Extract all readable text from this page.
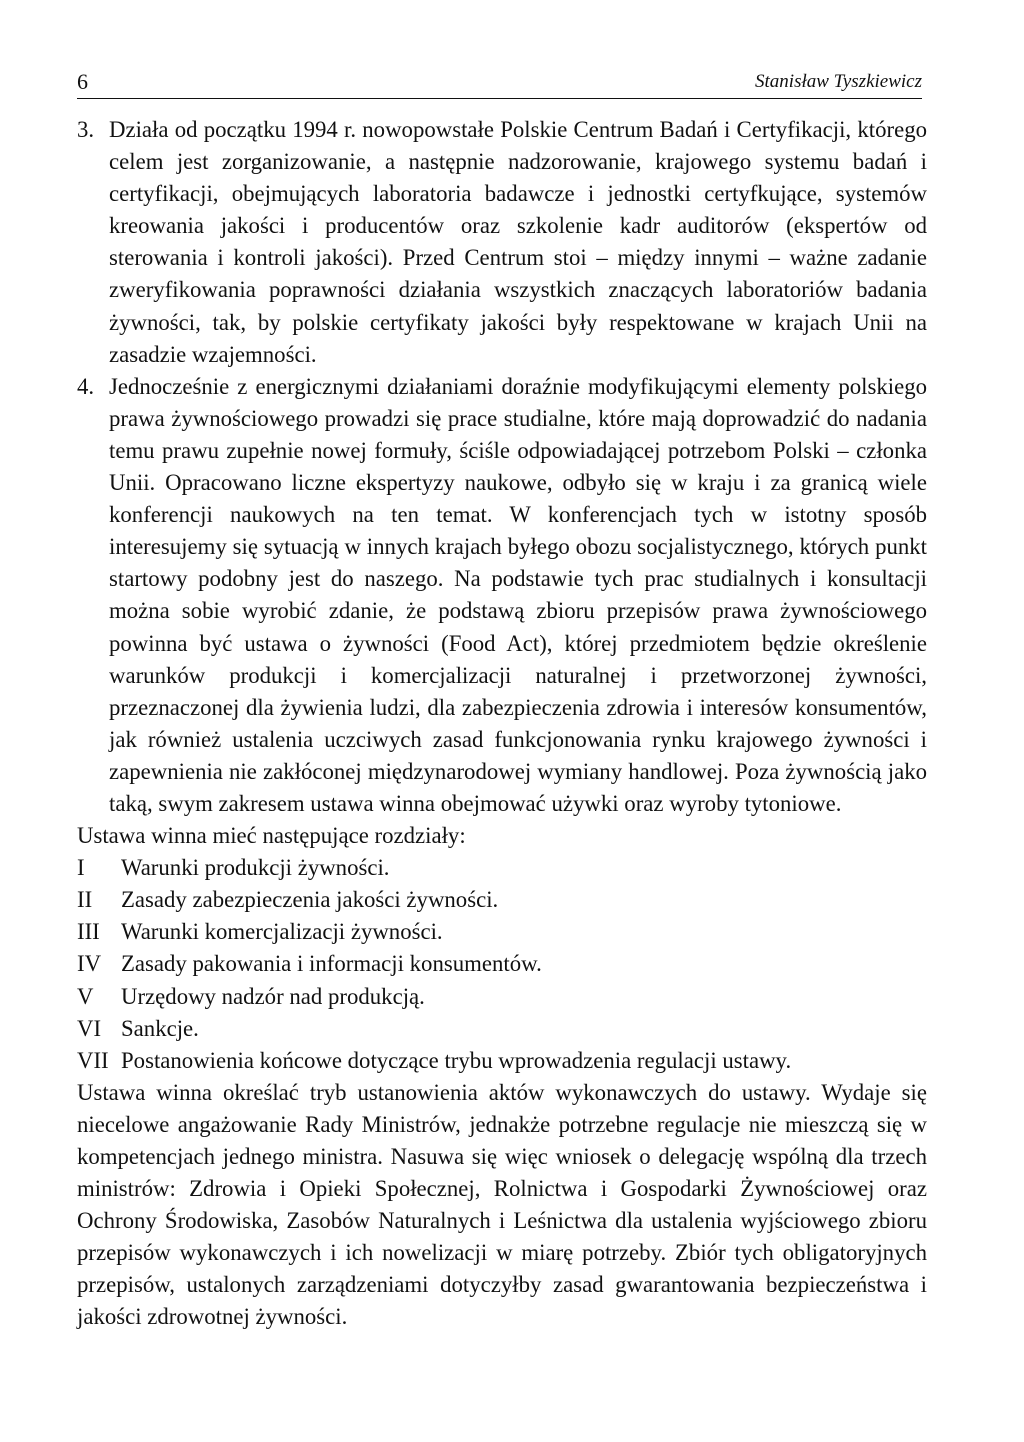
6	Stanisław Tyszkiewicz

3. Działa od początku 1994 r. nowopowstałe Polskie Centrum Badań i Certyfikacji, którego celem jest zorganizowanie, a następnie nadzorowanie, krajowego systemu badań i certyfikacji, obejmujących laboratoria badawcze i jednostki certyfkujące, systemów kreowania jakości i producentów oraz szkolenie kadr auditorów (ekspertów od sterowania i kontroli jakości). Przed Centrum stoi – między innymi – ważne zadanie zweryfikowania poprawności działania wszystkich znaczących laboratoriów badania żywności, tak, by polskie certyfikaty jakości były respektowane w krajach Unii na zasadzie wzajemności.

4. Jednocześnie z energicznymi działaniami doraźnie modyfikującymi elementy polskiego prawa żywnościowego prowadzi się prace studialne, które mają doprowadzić do nadania temu prawu zupełnie nowej formuły, ściśle odpowiadającej potrzebom Polski – członka Unii. Opracowano liczne ekspertyzy naukowe, odbyło się w kraju i za granicą wiele konferencji naukowych na ten temat. W konferencjach tych w istotny sposób interesujemy się sytuacją w innych krajach byłego obozu socjalistycznego, których punkt startowy podobny jest do naszego. Na podstawie tych prac studialnych i konsultacji można sobie wyrobić zdanie, że podstawą zbioru przepisów prawa żywnościowego powinna być ustawa o żywności (Food Act), której przedmiotem będzie określenie warunków produkcji i komercjalizacji naturalnej i przetworzonej żywności, przeznaczonej dla żywienia ludzi, dla zabezpieczenia zdrowia i interesów konsumentów, jak również ustalenia uczciwych zasad funkcjonowania rynku krajowego żywności i zapewnienia nie zakłóconej międzynarodowej wymiany handlowej. Poza żywnością jako taką, swym zakresem ustawa winna obejmować używki oraz wyroby tytoniowe.

Ustawa winna mieć następujące rozdziały:

I	Warunki produkcji żywności.
II	Zasady zabezpieczenia jakości żywności.
III Warunki komercjalizacji żywności.
IV Zasady pakowania i informacji konsumentów.
V	Urzędowy nadzór nad produkcją.
VI Sankcje.
VII Postanowienia końcowe dotyczące trybu wprowadzenia regulacji ustawy.

Ustawa winna określać tryb ustanowienia aktów wykonawczych do ustawy. Wydaje się niecelowe angażowanie Rady Ministrów, jednakże potrzebne regulacje nie mieszczą się w kompetencjach jednego ministra. Nasuwa się więc wniosek o delegację wspólną dla trzech ministrów: Zdrowia i Opieki Społecznej, Rolnictwa i Gospodarki Żywnościowej oraz Ochrony Środowiska, Zasobów Naturalnych i Leśnictwa dla ustalenia wyjściowego zbioru przepisów wykonawczych i ich nowelizacji w miarę potrzeby. Zbiór tych obligatoryjnych przepisów, ustalonych zarządzeniami dotyczyłby zasad gwarantowania bezpieczeństwa i jakości zdrowotnej żywności.
